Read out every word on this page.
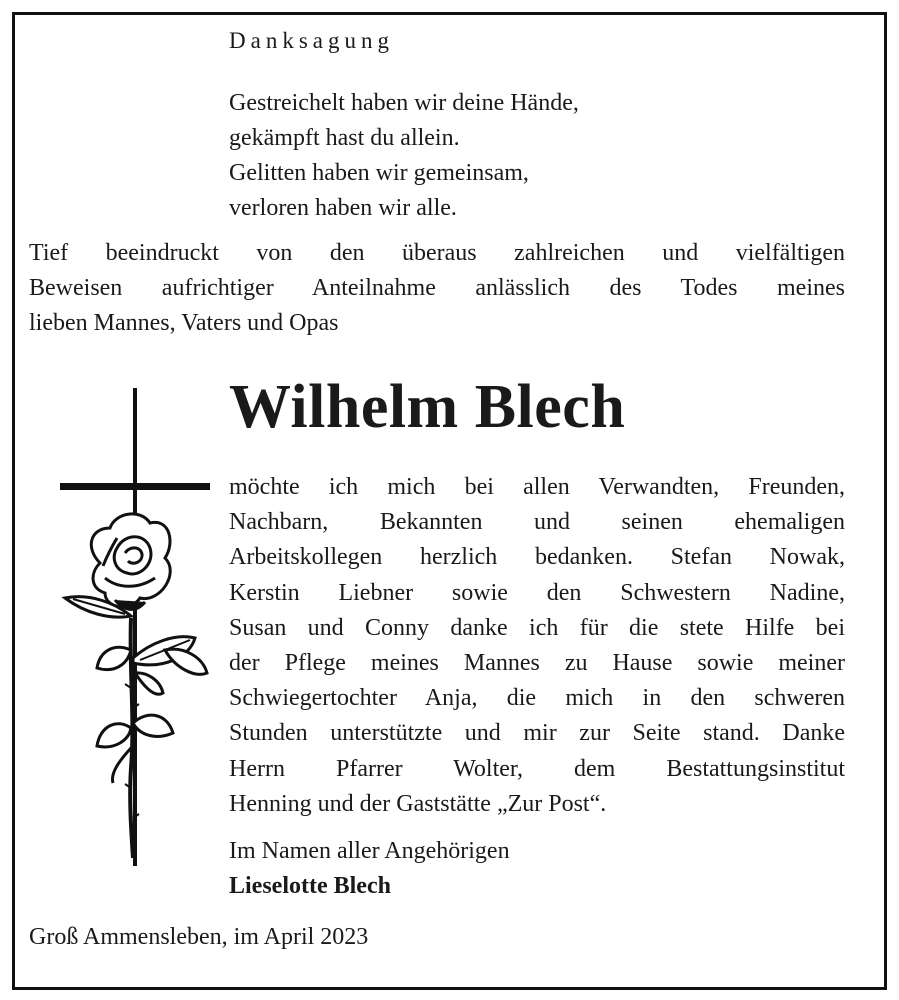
Danksagung
Gestreichelt haben wir deine Hände,
gekämpft hast du allein.
Gelitten haben wir gemeinsam,
verloren haben wir alle.
Tief beeindruckt von den überaus zahlreichen und vielfältigen
Beweisen aufrichtiger Anteilnahme anlässlich des Todes meines
lieben Mannes, Vaters und Opas
Wilhelm Blech
möchte ich mich bei allen Verwandten, Freunden,
Nachbarn, Bekannten und seinen ehemaligen
Arbeitskollegen herzlich bedanken. Stefan Nowak,
Kerstin Liebner sowie den Schwestern Nadine,
Susan und Conny danke ich für die stete Hilfe bei
der Pflege meines Mannes zu Hause sowie meiner
Schwiegertochter Anja, die mich in den schweren
Stunden unterstützte und mir zur Seite stand. Danke
Herrn Pfarrer Wolter, dem Bestattungsinstitut
Henning und der Gaststätte „Zur Post“.
Im Namen aller Angehörigen
Lieselotte Blech
Groß Ammensleben, im April 2023
